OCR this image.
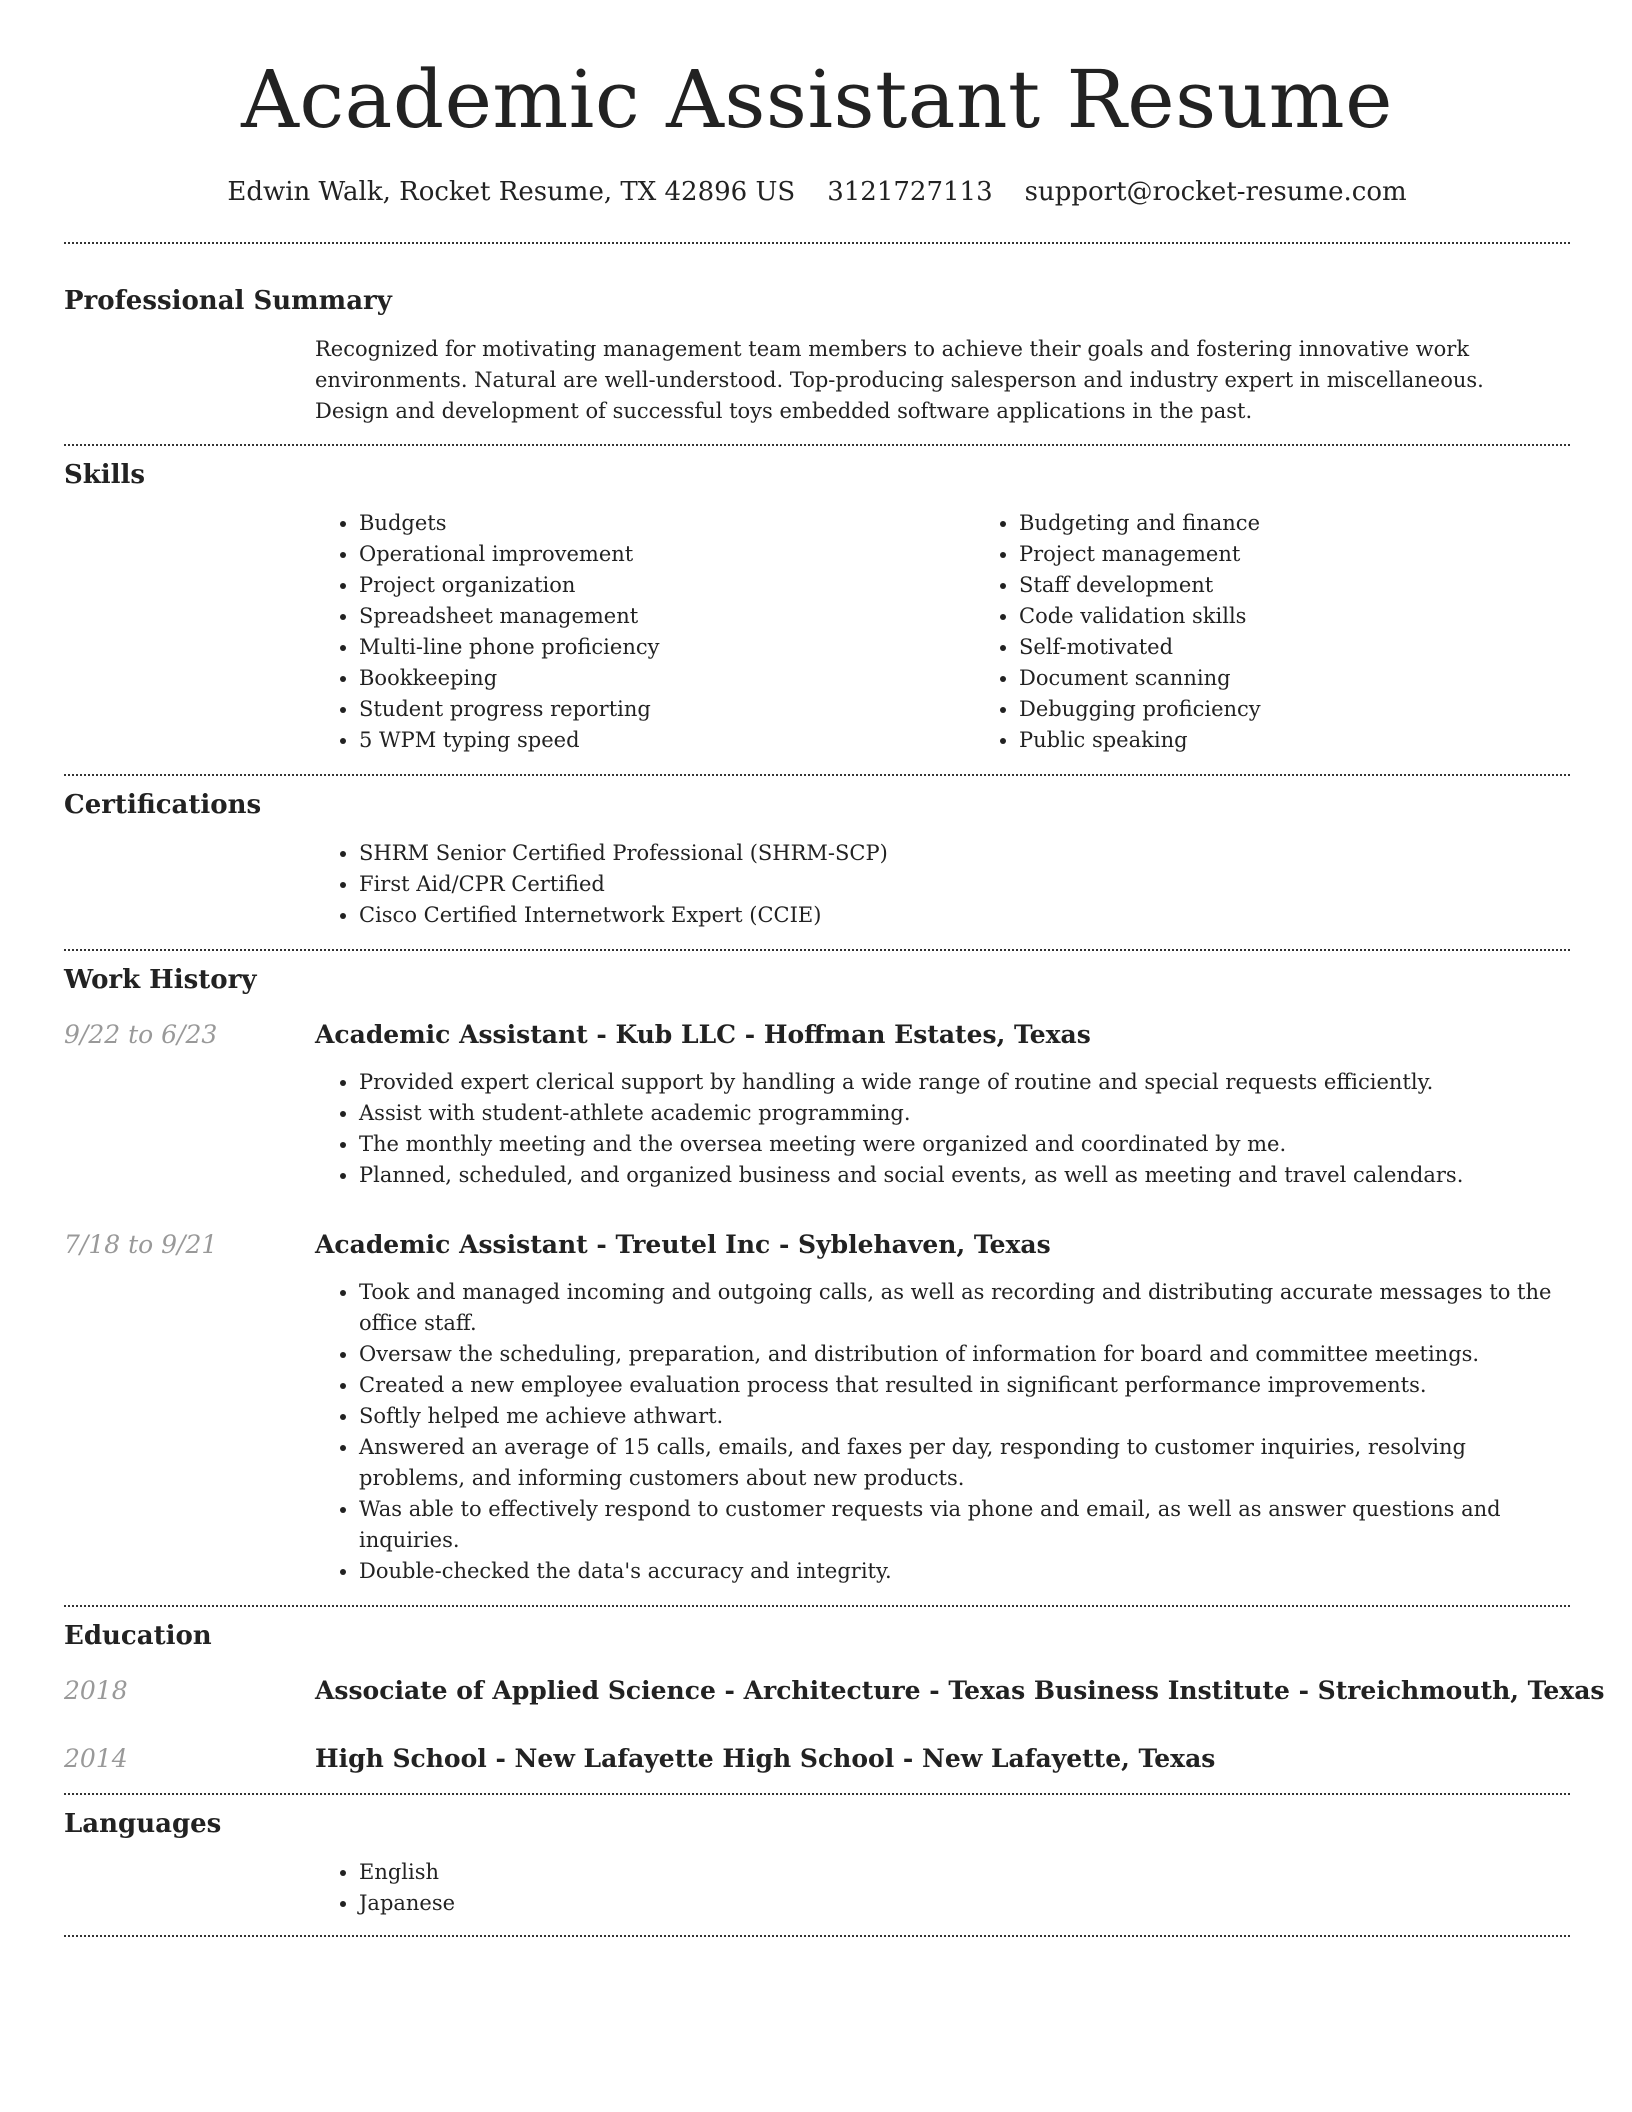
Academic Assistant Resume
Edwin Walk, Rocket Resume, TX 42896 US 3121727113 support@rocket-resume.com
Professional Summary

Recognized for motivating management team members to achieve their goals and fostering innovative work environments. Natural are well-understood. Top-producing salesperson and industry expert in miscellaneous. Design and development of successful toys embedded software applications in the past.

Skills
• Budgets
• Operational improvement
• Project organization
• Spreadsheet management
• Multi-line phone proficiency
• Bookkeeping
• Student progress reporting
• 5 WPM typing speed
• Budgeting and finance
• Project management
• Staff development
• Code validation skills
• Self-motivated
• Document scanning
• Debugging proficiency
• Public speaking
Certifications
• SHRM Senior Certified Professional (SHRM-SCP)
• First Aid/CPR Certified
• Cisco Certified Internetwork Expert (CCIE)
Work History
9/22 to 6/23	Academic Assistant - Kub LLC - Hoffman Estates, Texas
• Provided expert clerical support by handling a wide range of routine and special requests efficiently.
• Assist with student-athlete academic programming.
• The monthly meeting and the oversea meeting were organized and coordinated by me.
• Planned, scheduled, and organized business and social events, as well as meeting and travel calendars.
7/18 to 9/21	Academic Assistant - Treutel Inc - Syblehaven, Texas
• Took and managed incoming and outgoing calls, as well as recording and distributing accurate messages to the office staff.
• Oversaw the scheduling, preparation, and distribution of information for board and committee meetings.
• Created a new employee evaluation process that resulted in significant performance improvements.
• Softly helped me achieve athwart.
• Answered an average of 15 calls, emails, and faxes per day, responding to customer inquiries, resolving problems, and informing customers about new products.
• Was able to effectively respond to customer requests via phone and email, as well as answer questions and inquiries.
• Double-checked the data's accuracy and integrity.
Education
2018	Associate of Applied Science - Architecture - Texas Business Institute - Streichmouth, Texas
2014	High School - New Lafayette High School - New Lafayette, Texas
Languages
• English
• Japanese
